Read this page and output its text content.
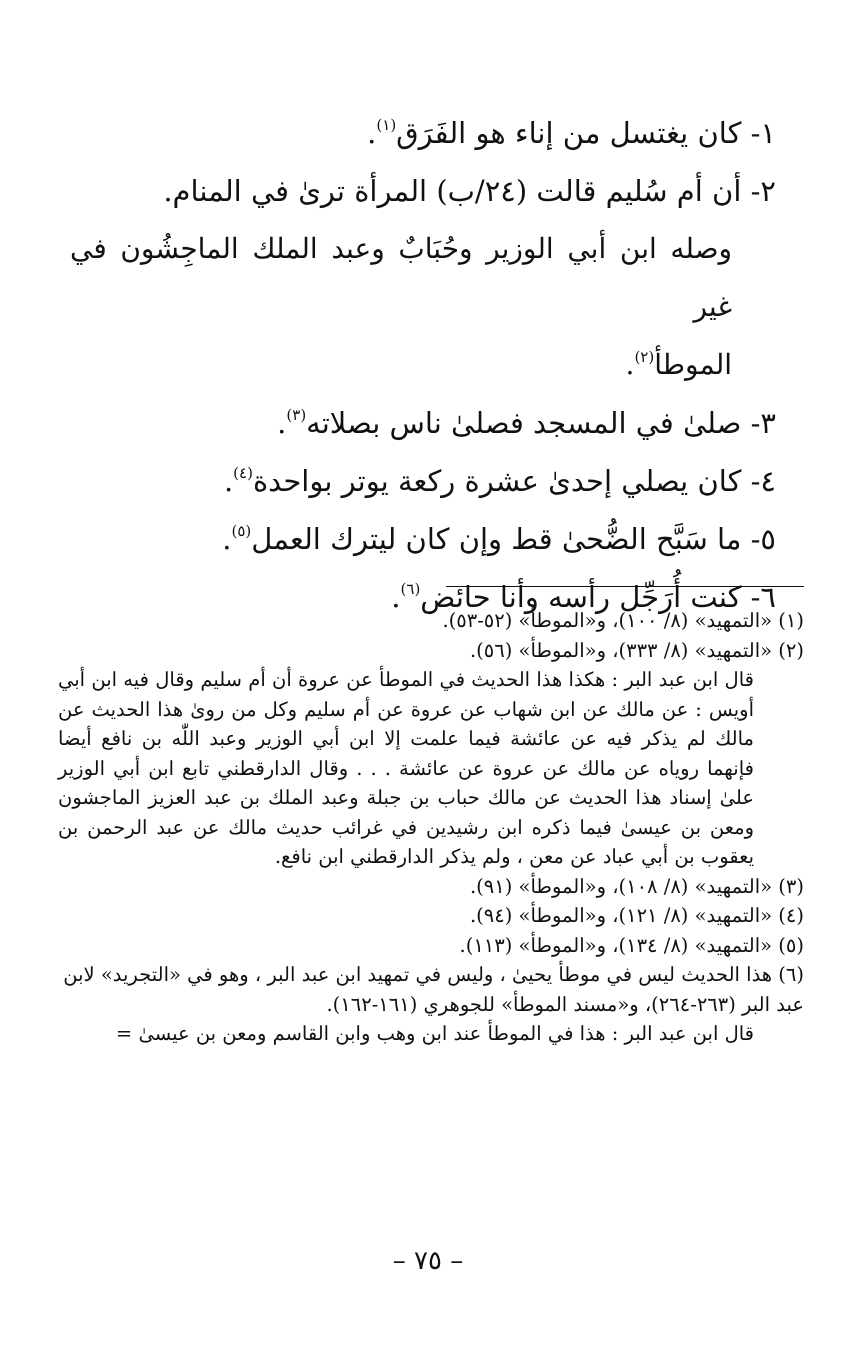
١- كان يغتسل من إناء هو الفَرَق$^{(١)}$.
٢- أن أم سُليم قالت (٢٤/ب) المرأة ترىٰ في المنام.
وصله ابن أبي الوزير وحُبَابٌ وعبد الملك الماجِشُون في غير
الموطأ$^{(٢)}$.
٣- صلىٰ في المسجد فصلىٰ ناس بصلاته$^{(٣)}$.
٤- كان يصلي إحدىٰ عشرة ركعة يوتر بواحدة$^{(٤)}$.
٥- ما سَبَّح الضُّحىٰ قط وإن كان ليترك العمل$^{(٥)}$.
٦- كنت أُرَجِّل رأسه وأنا حائض$^{(٦)}$.

(١) «التمهيد» (٨/ ١٠٠)، و«الموطأ» (٥٢-٥٣).

(٢) «التمهيد» (٨/ ٣٣٣)، و«الموطأ» (٥٦).

قال ابن عبد البر : هكذا هذا الحديث في الموطأ عن عروة أن أم سليم وقال فيه ابن أبي أويس : عن مالك عن ابن شهاب عن عروة عن أم سليم وكل من روىٰ هذا الحديث عن مالك لم يذكر فيه عن عائشة فيما علمت إلا ابن أبي الوزير وعبد اللّٰه بن نافع أيضا فإنهما روياه عن مالك عن عروة عن عائشة . . . وقال الدارقطني تابع ابن أبي الوزير علىٰ إسناد هذا الحديث عن مالك حباب بن جبلة وعبد الملك بن عبد العزيز الماجشون ومعن بن عيسىٰ فيما ذكره ابن رشيدين في غرائب حديث مالك عن عبد الرحمن بن يعقوب بن أبي عباد عن معن ، ولم يذكر الدارقطني ابن نافع.

(٣) «التمهيد» (٨/ ١٠٨)، و«الموطأ» (٩١).

(٤) «التمهيد» (٨/ ١٢١)، و«الموطأ» (٩٤).

(٥) «التمهيد» (٨/ ١٣٤)، و«الموطأ» (١١٣).

(٦) هذا الحديث ليس في موطأ يحيىٰ ، وليس في تمهيد ابن عبد البر ، وهو في «التجريد» لابن عبد البر (٢٦٣-٢٦٤)، و«مسند الموطأ» للجوهري (١٦١-١٦٢).

قال ابن عبد البر : هذا في الموطأ عند ابن وهب وابن القاسم ومعن بن عيسىٰ =

– ٧٥ –
